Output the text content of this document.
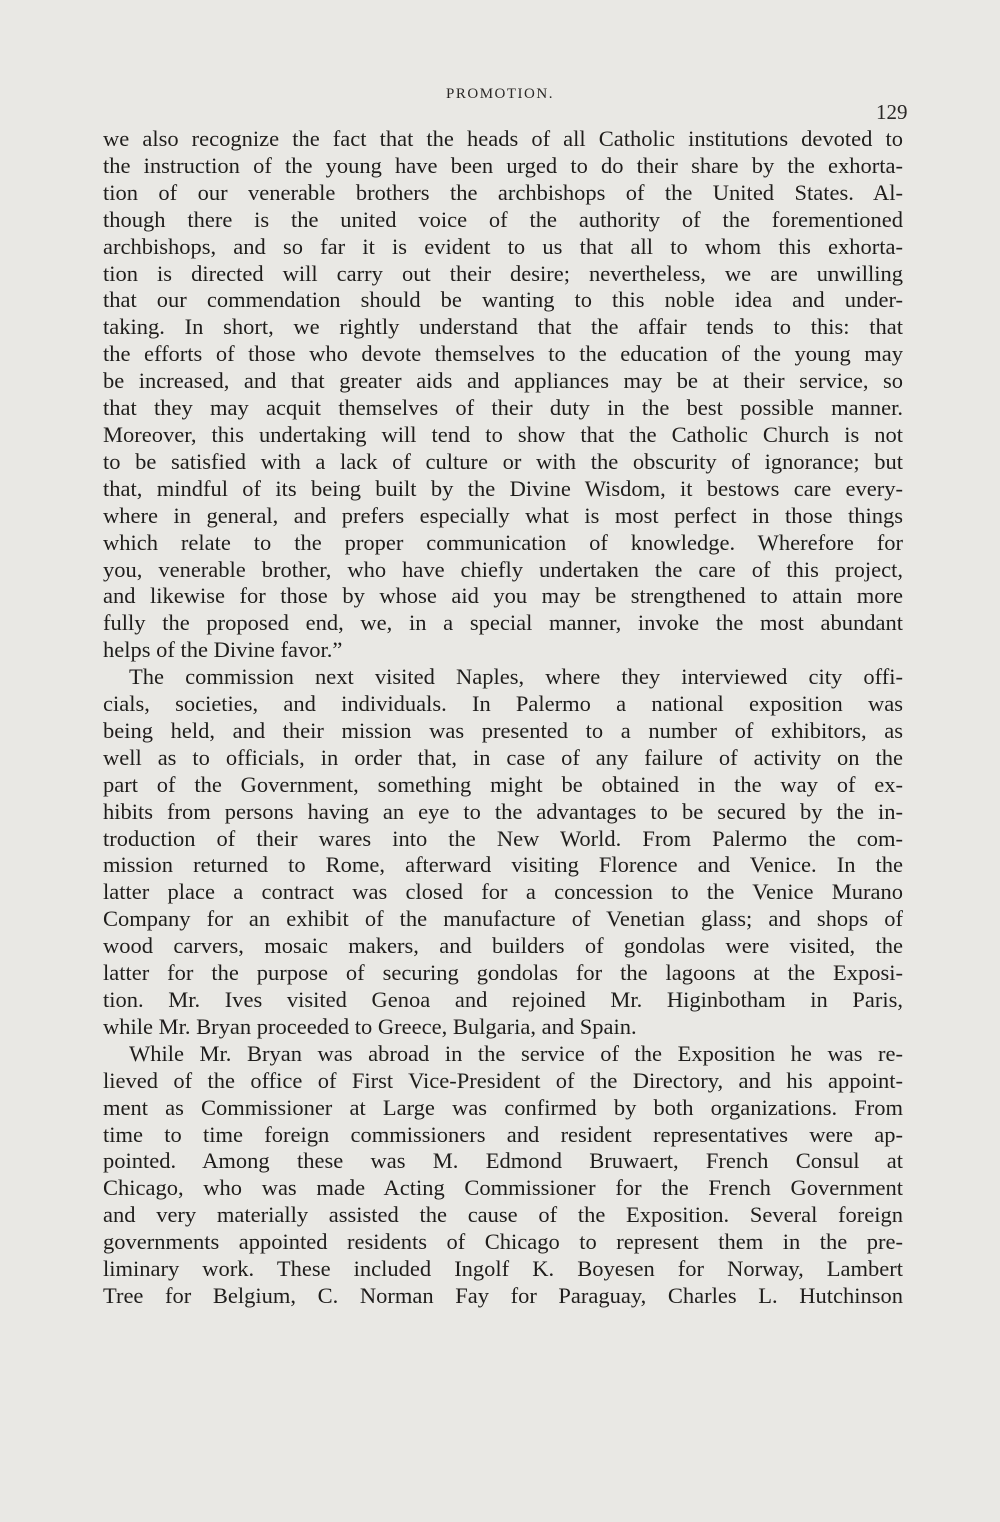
PROMOTION.
129
we also recognize the fact that the heads of all Catholic institutions devoted to
the instruction of the young have been urged to do their share by the exhorta-
tion of our venerable brothers the archbishops of the United States. Al-
though there is the united voice of the authority of the forementioned
archbishops, and so far it is evident to us that all to whom this exhorta-
tion is directed will carry out their desire; nevertheless, we are unwilling
that our commendation should be wanting to this noble idea and under-
taking. In short, we rightly understand that the affair tends to this: that
the efforts of those who devote themselves to the education of the young may
be increased, and that greater aids and appliances may be at their service, so
that they may acquit themselves of their duty in the best possible manner.
Moreover, this undertaking will tend to show that the Catholic Church is not
to be satisfied with a lack of culture or with the obscurity of ignorance; but
that, mindful of its being built by the Divine Wisdom, it bestows care every-
where in general, and prefers especially what is most perfect in those things
which relate to the proper communication of knowledge. Wherefore for
you, venerable brother, who have chiefly undertaken the care of this project,
and likewise for those by whose aid you may be strengthened to attain more
fully the proposed end, we, in a special manner, invoke the most abundant
helps of the Divine favor.”
The commission next visited Naples, where they interviewed city offi-
cials, societies, and individuals. In Palermo a national exposition was
being held, and their mission was presented to a number of exhibitors, as
well as to officials, in order that, in case of any failure of activity on the
part of the Government, something might be obtained in the way of ex-
hibits from persons having an eye to the advantages to be secured by the in-
troduction of their wares into the New World. From Palermo the com-
mission returned to Rome, afterward visiting Florence and Venice. In the
latter place a contract was closed for a concession to the Venice Murano
Company for an exhibit of the manufacture of Venetian glass; and shops of
wood carvers, mosaic makers, and builders of gondolas were visited, the
latter for the purpose of securing gondolas for the lagoons at the Exposi-
tion. Mr. Ives visited Genoa and rejoined Mr. Higinbotham in Paris,
while Mr. Bryan proceeded to Greece, Bulgaria, and Spain.
While Mr. Bryan was abroad in the service of the Exposition he was re-
lieved of the office of First Vice-President of the Directory, and his appoint-
ment as Commissioner at Large was confirmed by both organizations. From
time to time foreign commissioners and resident representatives were ap-
pointed. Among these was M. Edmond Bruwaert, French Consul at
Chicago, who was made Acting Commissioner for the French Government
and very materially assisted the cause of the Exposition. Several foreign
governments appointed residents of Chicago to represent them in the pre-
liminary work. These included Ingolf K. Boyesen for Norway, Lambert
Tree for Belgium, C. Norman Fay for Paraguay, Charles L. Hutchinson
